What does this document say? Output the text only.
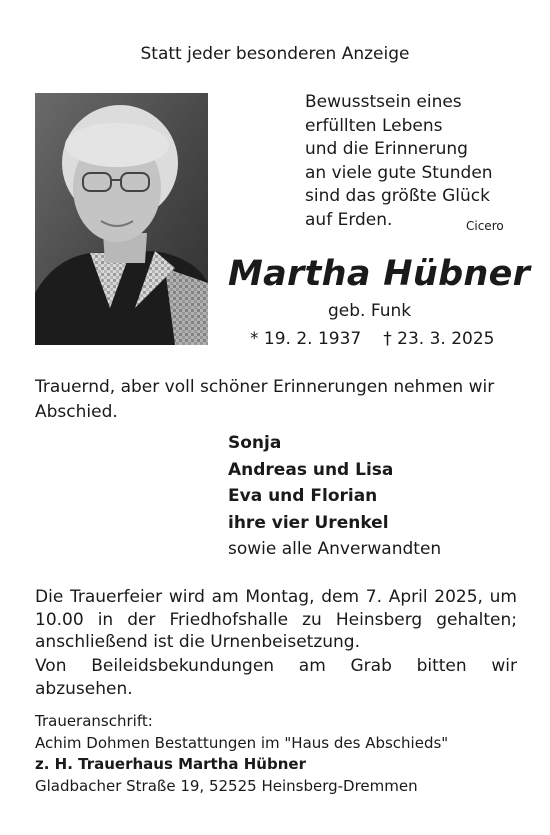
Statt jeder besonderen Anzeige
Bewusstsein eines
erfüllten Lebens
und die Erinnerung
an viele gute Stunden
sind das größte Glück
auf Erden.	Cicero
Martha Hübner
geb. Funk
* 19. 2. 1937 † 23. 3. 2025
Trauernd, aber voll schöner Erinnerungen nehmen wir Abschied.
Sonja
Andreas und Lisa
Eva und Florian
ihre vier Urenkel
sowie alle Anverwandten
Die Trauerfeier wird am Montag, dem 7. April 2025, um 10.00 in der Friedhofshalle zu Heinsberg gehalten; anschließend ist die Urnenbeisetzung.
Von Beileidsbekundungen am Grab bitten wir abzusehen.
Traueranschrift:
Achim Dohmen Bestattungen im "Haus des Abschieds"
z. H. Trauerhaus Martha Hübner
Gladbacher Straße 19, 52525 Heinsberg-Dremmen
